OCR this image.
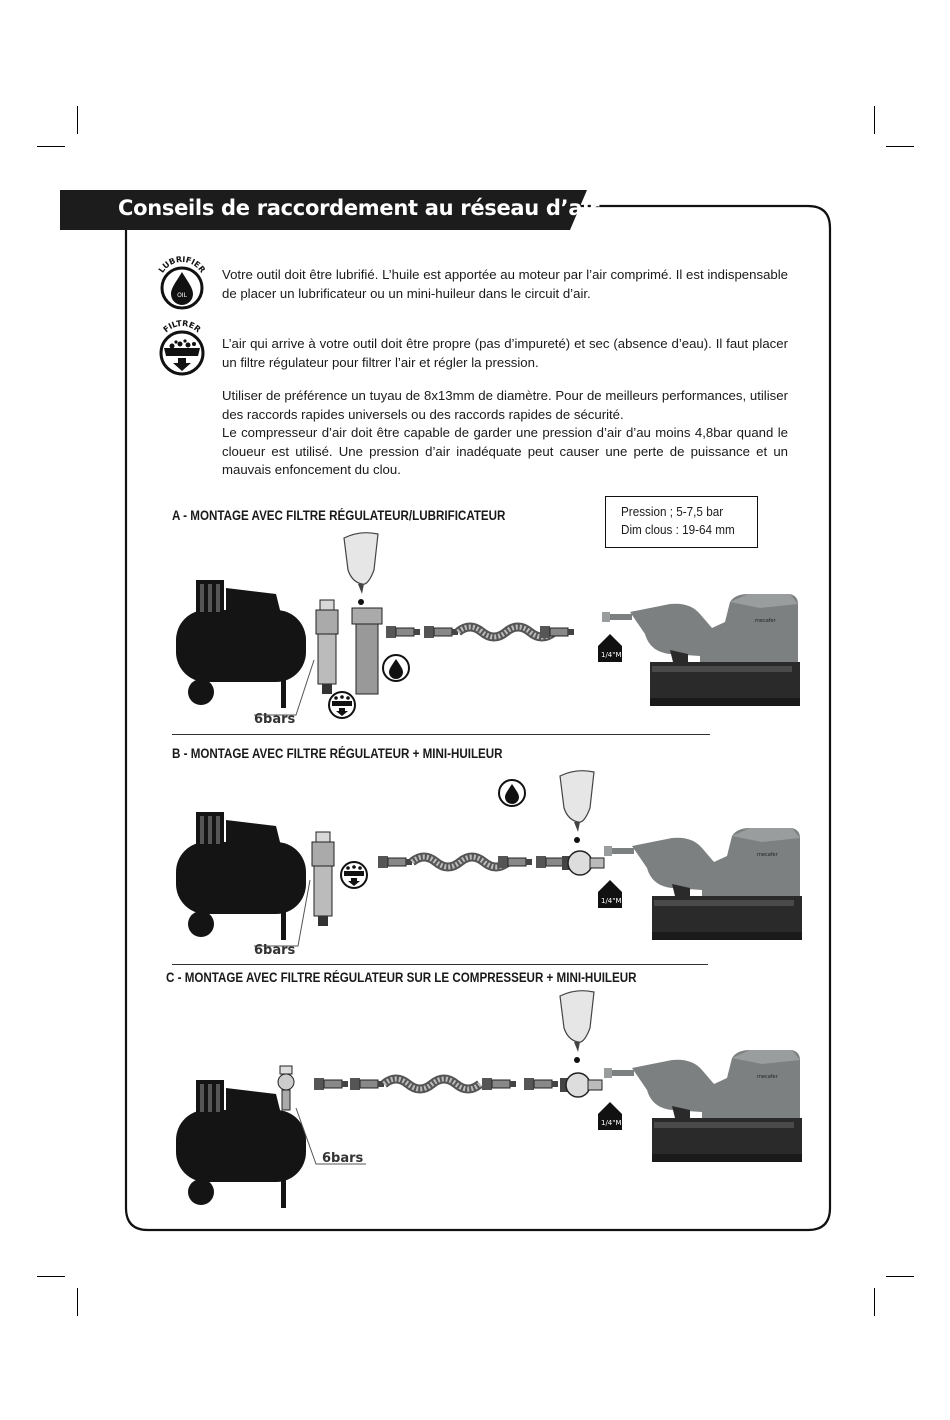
Conseils de raccordement au réseau d’air
LUBRIFIER
OIL
FILTRER

Votre outil doit être lubrifié. L’huile est apportée au moteur par l’air comprimé. Il est indispensable de placer un lubrificateur ou un mini-huileur dans le circuit d’air.

L’air qui arrive à votre outil doit être propre (pas d’impureté) et sec (absence d’eau). Il faut placer un filtre régulateur pour filtrer l’air et régler la pression.

Utiliser de préférence un tuyau de 8x13mm de diamètre. Pour de meilleurs performances, utiliser des raccords rapides universels ou des raccords rapides de sécurité.

Le compresseur d’air doit être capable de garder une pression d’air d’au moins 4,8bar quand le cloueur est utilisé. Une pression d’air inadéquate peut causer une perte de puissance et un mauvais enfoncement du clou.

Pression ; 5-7,5 bar
Dim clous : 19-64 mm
A - MONTAGE AVEC FILTRE RÉGULATEUR/LUBRIFICATEUR
B - MONTAGE AVEC FILTRE RÉGULATEUR + MINI-HUILEUR
C - MONTAGE AVEC FILTRE RÉGULATEUR SUR LE COMPRESSEUR + MINI-HUILEUR
mecafer
1/4"M
6bars
1/4"M
6bars
1/4"M
6bars
